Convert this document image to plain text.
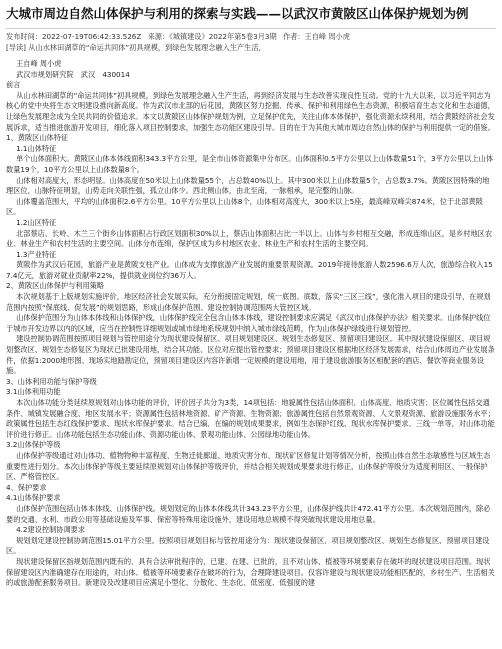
大城市周边自然山体保护与利用的探索与实践——以武汉市黄陂区山体保护规划为例
发布时间：2022-07-19T06:42:33.526Z 来源：《城镇建设》2022年第5卷3月3期 作者：王自峰 周小虎
[导读] 从山水林田湖草的“命运共同体”初具规模，到绿色发展理念融入生产生活，

王自峰 周小虎

武汉市规划研究院　武汉　430014

前言

从山水林田湖草的“命运共同体”初具规模，到绿色发展理念融入生产生活，再到经济发展与生态改善实现良性互动。党的十九大以来，以习近平同志为核心的党中央将生态文明建设推向新高度。作为武汉市北部的后花园，黄陂区努力挖掘、传承、保护和利用绿色生态资源，积极培育生态文化和生态道德，让绿色发展理念成为全民共同的价值追求。本文以黄陂区山体保护规划为例，立足保护优先，关注山体本体保护，强化资源永续利用，结合黄陂经济社会发展诉求，适当推进旅游开发项目，细化落入项目控制要求，加强生态功能区建设引导。目的在于为其他大城市周边自然山体的保护与利用提供一定的借鉴。

1、黄陂区山体特征

1.1山体特征

单个山体面积大。黄陂区山体本体线面积343.3平方公里，是全市山体资源集中分布区。山体面积0.5平方公里以上山体数量51个，3平方公里以上山体数量19个，10平方公里以上山体数量8个。

山体相对高度大，形态明显。山体高度在50米以上山体数量55个，占总数40%以上。其中300米以上山体数量5个，占总数3.7%。黄陂区因特殊的地理区位，山脉特征明显，山势走向关联性强，孤立山体少。西北侧山体，由北至南，一脉相承，是完整的山脉。

山体覆盖范围大，平均的山体面积2.6平方公里。10平方公里以上山体8个，山体相对高度大，300米以上5座，最高峰双峰尖874米，位于北部黄陂区。

1.2山区特征

北部蔡店、长岭、木兰三个街乡山体面积占行政区划面积30%以上，蔡店山体面积占比一半以上。山体与乡村相互交融，形成连绵山区，是乡村地区农业、林业生产和农村生活的主要空间。山体分布连绵，保护区成为乡村地区农业、林业生产和农村生活的主要空间。

1.3产业特征

黄陂作为武汉后花园，旅游产业是黄陂支柱产业。山体成为支撑旅游产业发展的重要景观资源。2019年接待旅游人数2596.6万人次，旅游综合收入157.4亿元，旅游对就业贡献率22%，提供就业岗位约36万人。

2、黄陂区山体保护与利用策略

本次规划基于上版规划实施评价，地区经济社会发展实际，充分衔接固定规划，统一底图、底数，落实“三区三线”，强化准入项目的建设引导，在规划范围内按照“保底线、促发展”的规划思路，形成山体保护范围、建设控制协调范围两大管控区域。

山体保护范围分为山体本体线和山体保护线，山体保护线完全包含山体本体线，建设控制要求应满足《武汉市山体保护办法》相关要求。山体保护线位于城市开发边界以内的区域，应当在控制性详细规划或城市绿地系统规划中纳入城市绿线范畴，作为山体保护绿线进行规划管控。

建设控制协调范围按照项目规划与管控用途分为现状建设保留区、项目规划建设区、规划生态修复区、预留项目建设区。其中现状建设保留区、项目规划整改区、规划生态修复区为现状已批建设用地，结合其功能、区位对应提出管控要求；预留项目建设区根据地区经济发展需求，结合山体周边产业发展条件，依据1:2000地形图、现场实地踏勘定位，预留项目建设区内容许新增一定规模的建设用地，用于建设旅游服务区相配套的酒店、餐饮等商业服务设施。

3、山体利用功能与保护等级

3.1山体利用功能

本次山体功能分类延续原规划对山体功能的评价，评价因子共分为3类，14项包括：地貌属性包括山体面积、山体高度、地质灾害；区位属性包括交通条件、城镇发展融合度、地区发展水平；资源属性包括林地资源、矿产资源、生物资源；旅游属性包括自然景观资源、人文景观资源、旅游设施服务水平；政策属性包括生态红线保护要求、现状水库保护要求。结合已编、在编的规划成果要求，例如生态保护红线、现状水库保护要求、三线一单等，对山体功能评价进行修正。山体功能包括生态功能山体、资源功能山体、景观功能山体、公园绿地功能山体。

3.2山体保护等级

山体保护等级通过对山体功、植物物种丰富程度、生物迁徙廊道、地质灾害分布、现状矿区修复计划等情况分析，按照山体自然生态敏感性与区域生态重要性进行划分。本次山体保护等级主要延续原规划对山体保护等级评价，并结合相关规划成果要求进行修正，山体保护等级分为适度利用区、一般保护区、严格管控区。

4、保护要求

4.1山体保护要求

山体保护范围包括山体本体线、山体保护线。规划划定的山体本体线共计343.23平方公里，山体保护线共计472.41平方公里。本次规划范围内，除必要的交通、水利、市政公用等基础设施及军事、保密等特殊用途设施外，建设用地总规模不得突破现状建设用地总量。

4.2建设控制协调要求

规划划定建设控制协调范围15.01平方公里。按照项目规划目标与管控用途分为：现状建设保留区、项目规划整改区、规划生态修复区、预留项目建设区。

现状建设保留区指规划范围内既有的、具有合法审批程序的，已建、在建、已批的，且不对山体、植被等环境要素存在破坏的现状建设项目范围。现状保留建设区内准确建存在用途的，对山体、植被等环境要素存在破坏的行为，合理降建设项目。仅容许建设与现状建设功能相匹配的，乡村生产、生活相关的或旅游配套服务项目。新建设及改建项目应满足小型化、分散化、生态化、低密度、低强度的建
